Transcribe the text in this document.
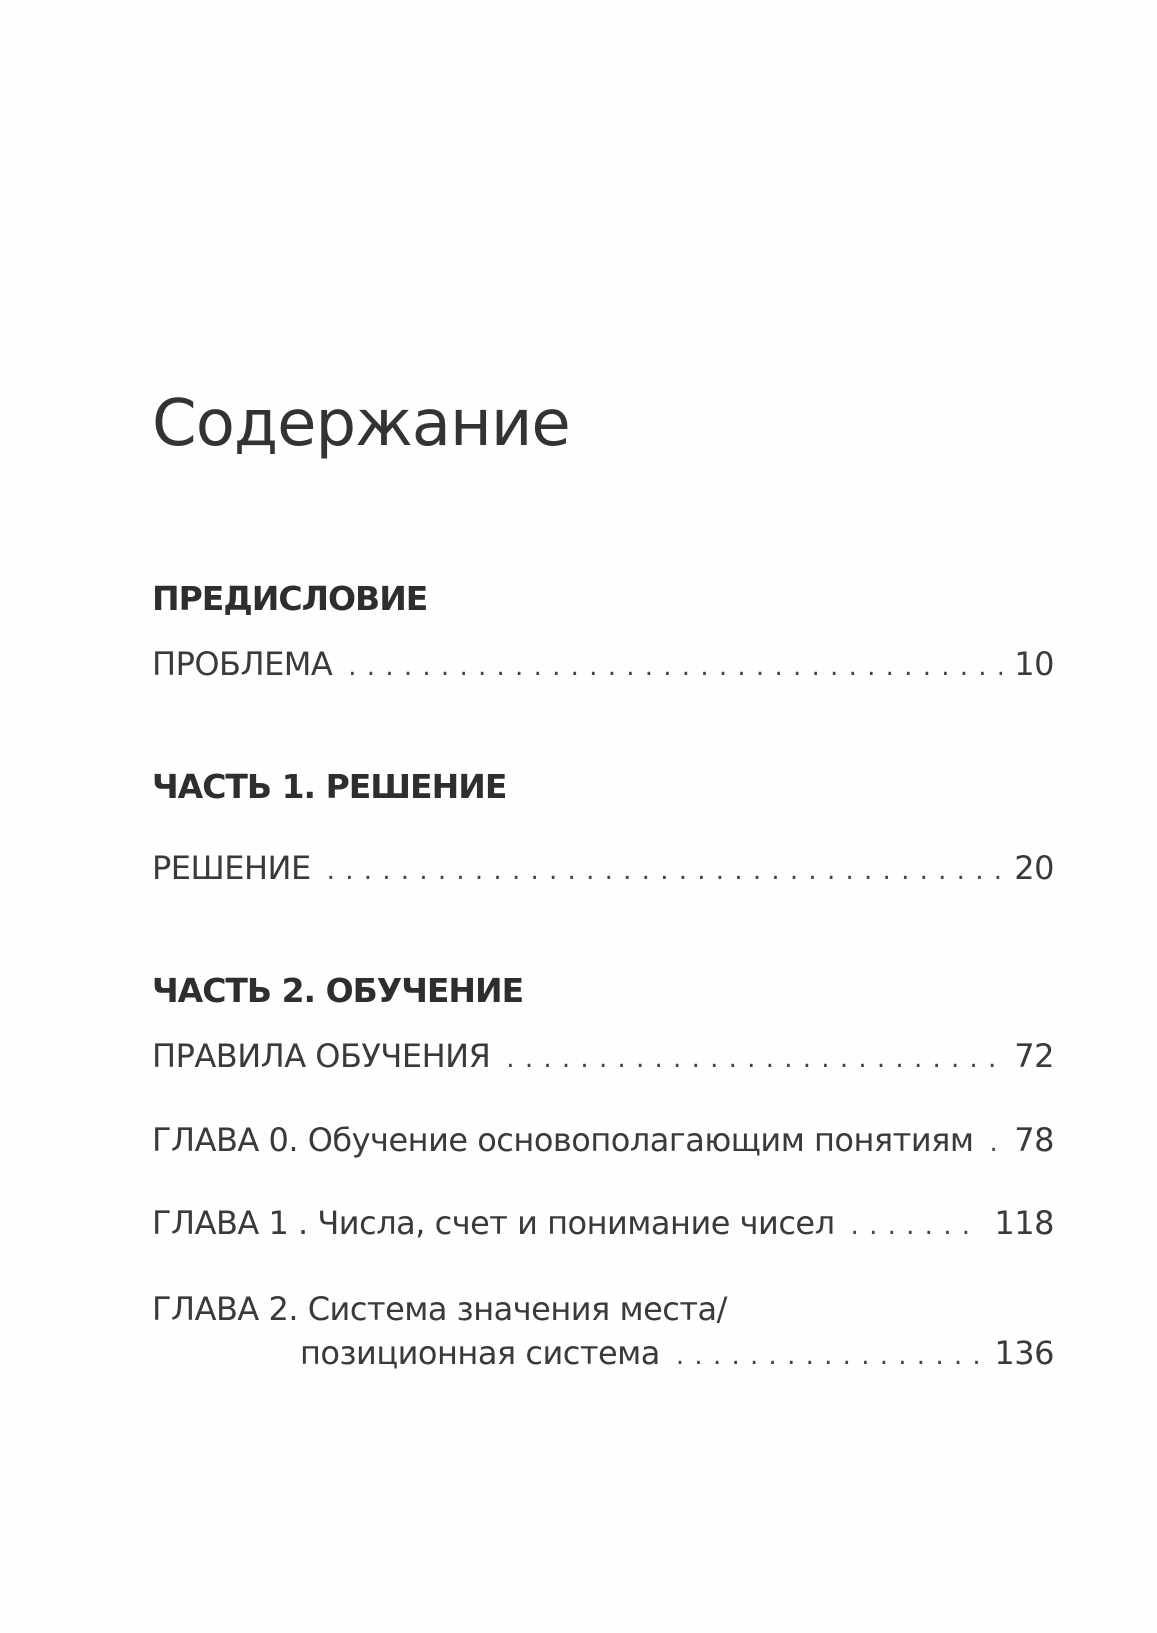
Содержание
ПРЕДИСЛОВИЕ
ПРОБЛЕМА . . .	10
ЧАСТЬ 1. РЕШЕНИЕ
РЕШЕНИЕ . . .	20
ЧАСТЬ 2. ОБУЧЕНИЕ
ПРАВИЛА ОБУЧЕНИЯ . . .	72
ГЛАВА 0. Обучение основополагающим понятиям . . . 78
ГЛАВА 1 . Числа, счет и понимание чисел . . .	118
ГЛАВА 2. Система значения места/
позиционная система . . .	136
